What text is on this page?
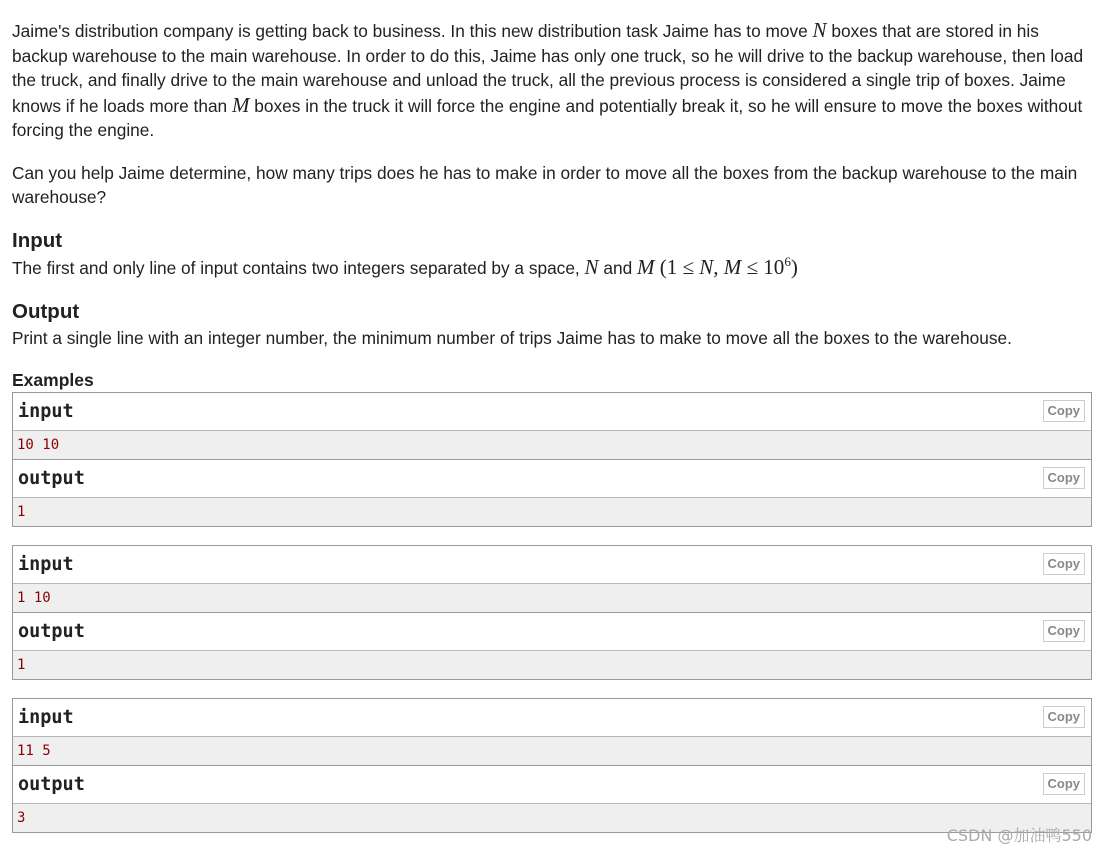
Jaime's distribution company is getting back to business. In this new distribution task Jaime has to move N boxes that are stored in his backup warehouse to the main warehouse. In order to do this, Jaime has only one truck, so he will drive to the backup warehouse, then load the truck, and finally drive to the main warehouse and unload the truck, all the previous process is considered a single trip of boxes. Jaime knows if he loads more than M boxes in the truck it will force the engine and potentially break it, so he will ensure to move the boxes without forcing the engine.

Can you help Jaime determine, how many trips does he has to make in order to move all the boxes from the backup warehouse to the main warehouse?

Input

The first and only line of input contains two integers separated by a space, N and M (1 ≤ N, $M \le 10^6$)

Output

Print a single line with an integer number, the minimum number of trips Jaime has to make to move all the boxes to the warehouse.

Examples
input	Copy
10 10
output	Copy
1
input	Copy
1 10
output	Copy
1
input	Copy
11 5
output	Copy
3
CSDN @加油鸭550
